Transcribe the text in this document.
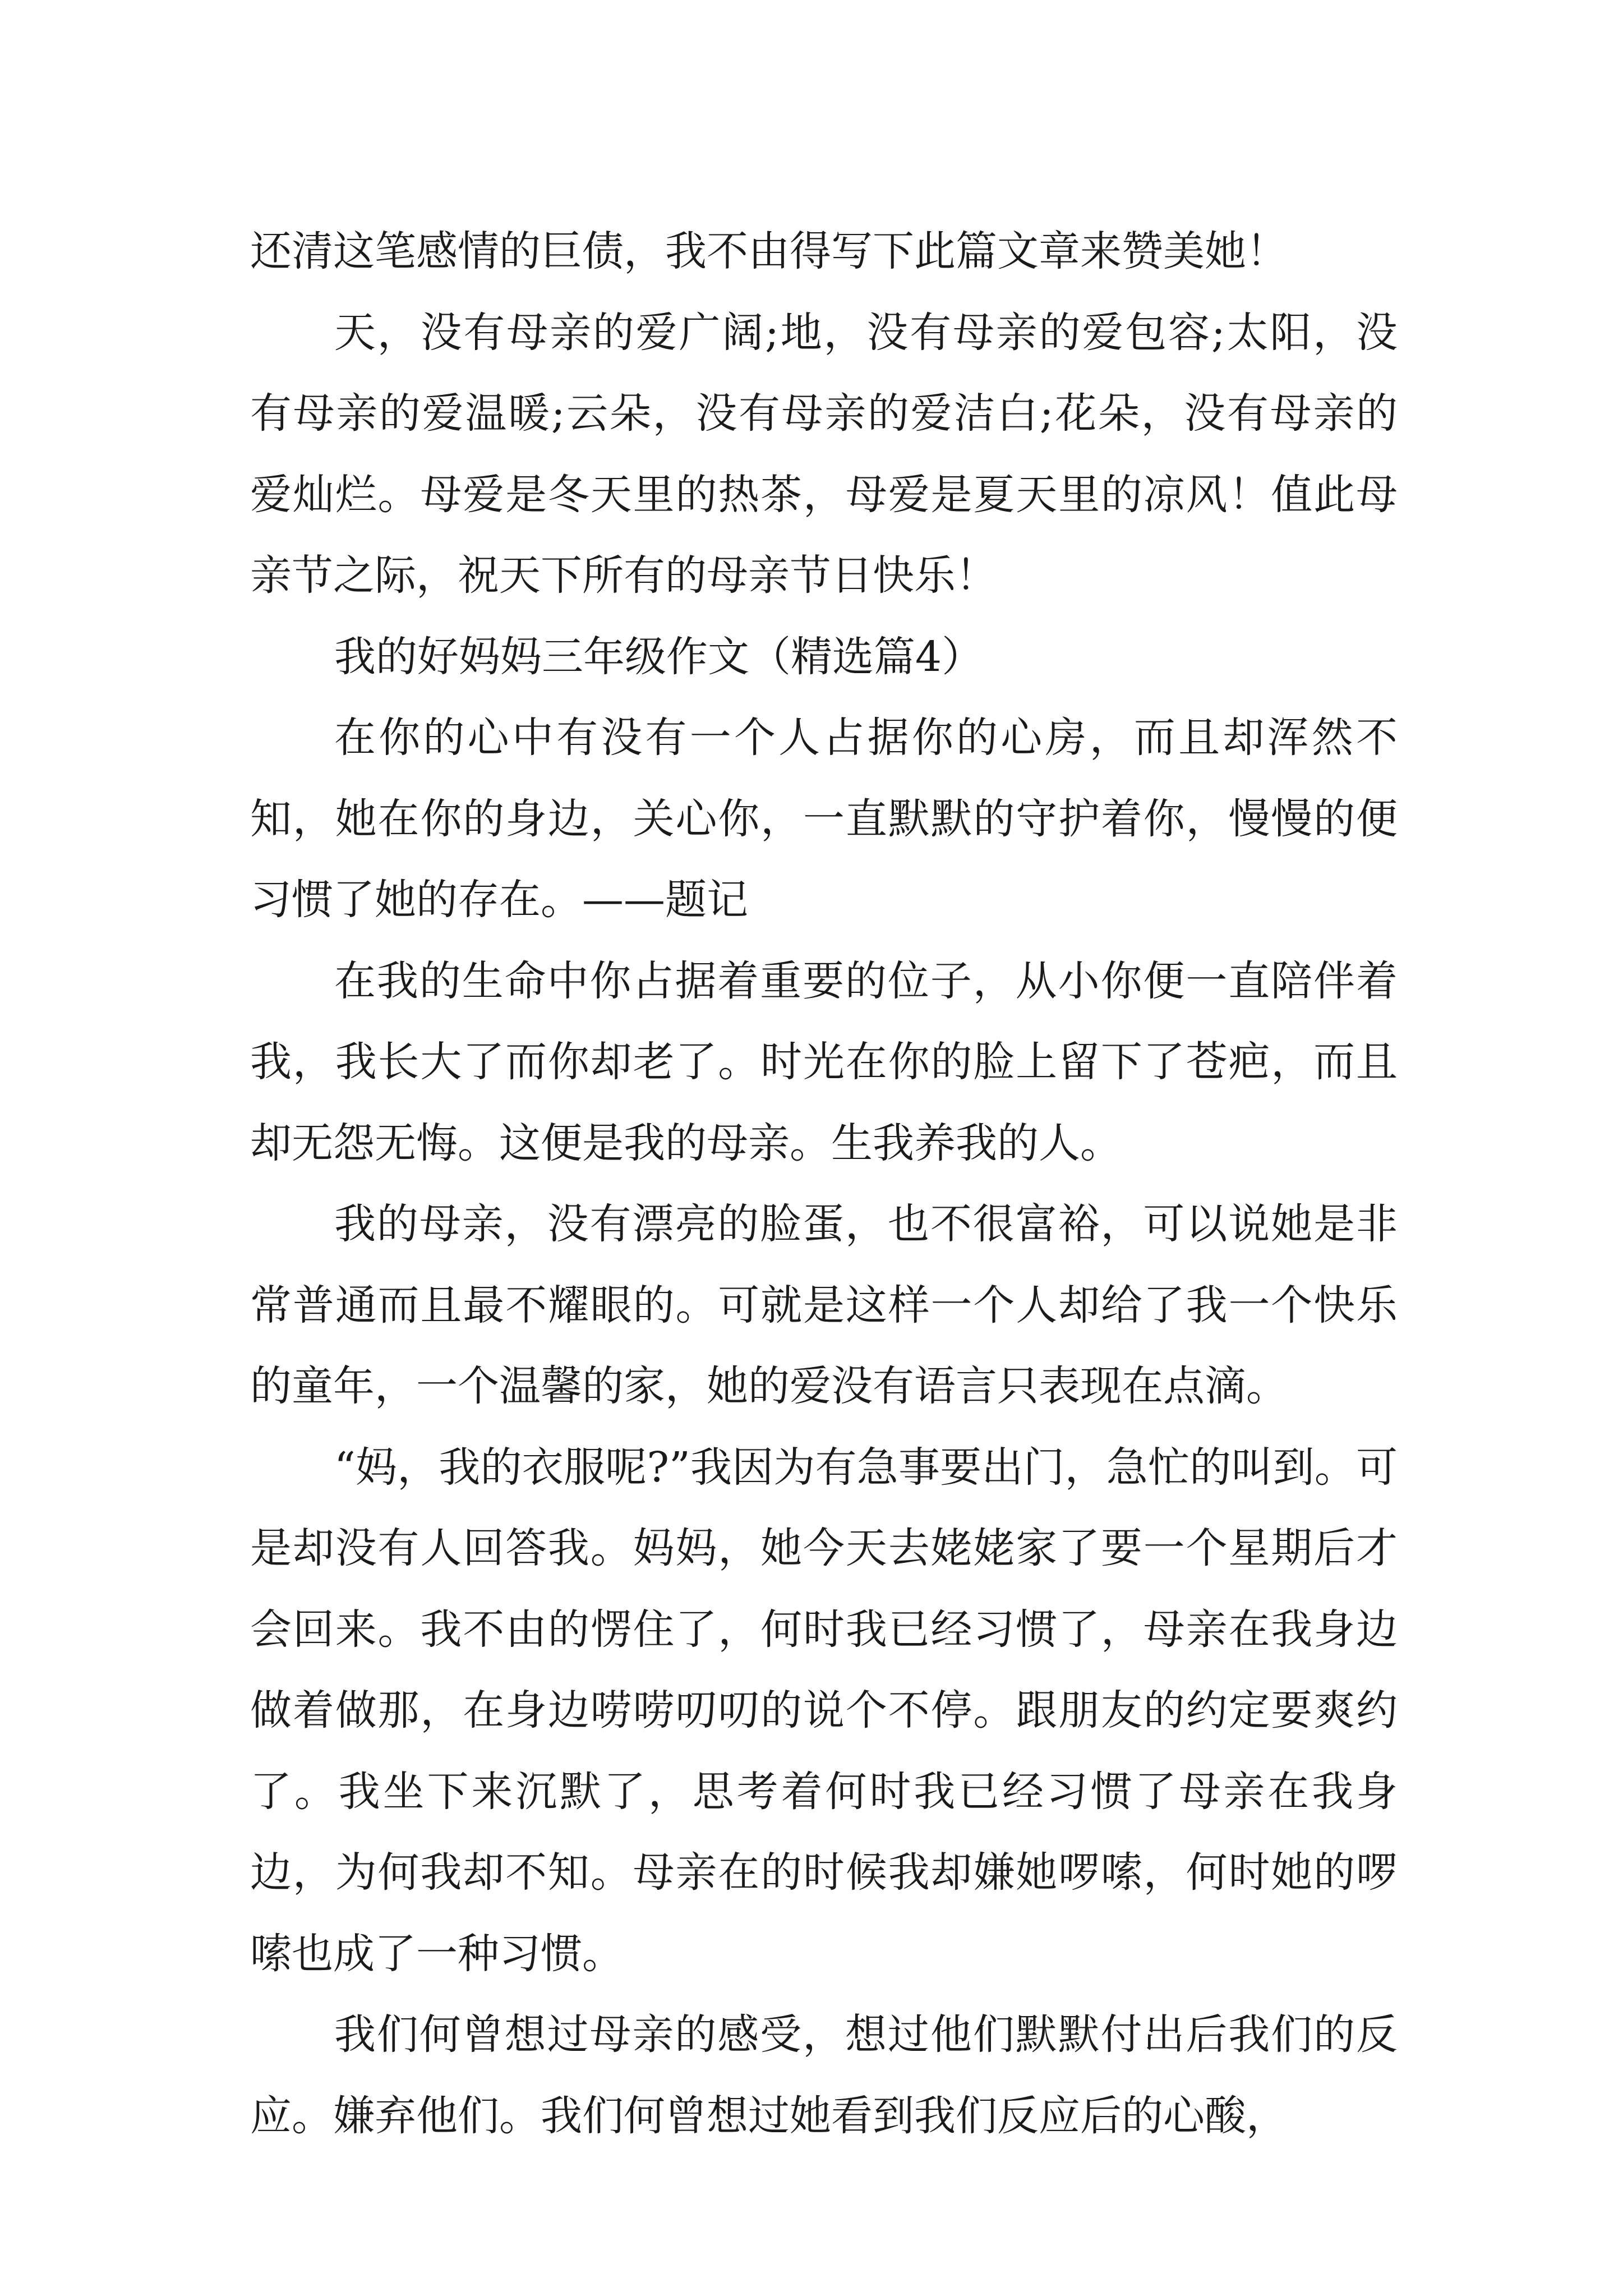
还清这笔感情的巨债，我不由得写下此篇文章来赞美她！

天，没有母亲的爱广阔;地，没有母亲的爱包容;太阳，没有母亲的爱温暖;云朵，没有母亲的爱洁白;花朵，没有母亲的爱灿烂。母爱是冬天里的热茶，母爱是夏天里的凉风！值此母亲节之际，祝天下所有的母亲节日快乐！

我的好妈妈三年级作文（精选篇4）

在你的心中有没有一个人占据你的心房，而且却浑然不知，她在你的身边，关心你，一直默默的守护着你，慢慢的便习惯了她的存在。——题记

在我的生命中你占据着重要的位子，从小你便一直陪伴着我，我长大了而你却老了。时光在你的脸上留下了苍疤，而且却无怨无悔。这便是我的母亲。生我养我的人。

我的母亲，没有漂亮的脸蛋，也不很富裕，可以说她是非常普通而且最不耀眼的。可就是这样一个人却给了我一个快乐的童年，一个温馨的家，她的爱没有语言只表现在点滴。

“妈，我的衣服呢?”我因为有急事要出门，急忙的叫到。可是却没有人回答我。妈妈，她今天去姥姥家了要一个星期后才会回来。我不由的愣住了，何时我已经习惯了，母亲在我身边做着做那，在身边唠唠叨叨的说个不停。跟朋友的约定要爽约了。我坐下来沉默了，思考着何时我已经习惯了母亲在我身边，为何我却不知。母亲在的时候我却嫌她啰嗦，何时她的啰嗦也成了一种习惯。

我们何曾想过母亲的感受，想过他们默默付出后我们的反应。嫌弃他们。我们何曾想过她看到我们反应后的心酸，
